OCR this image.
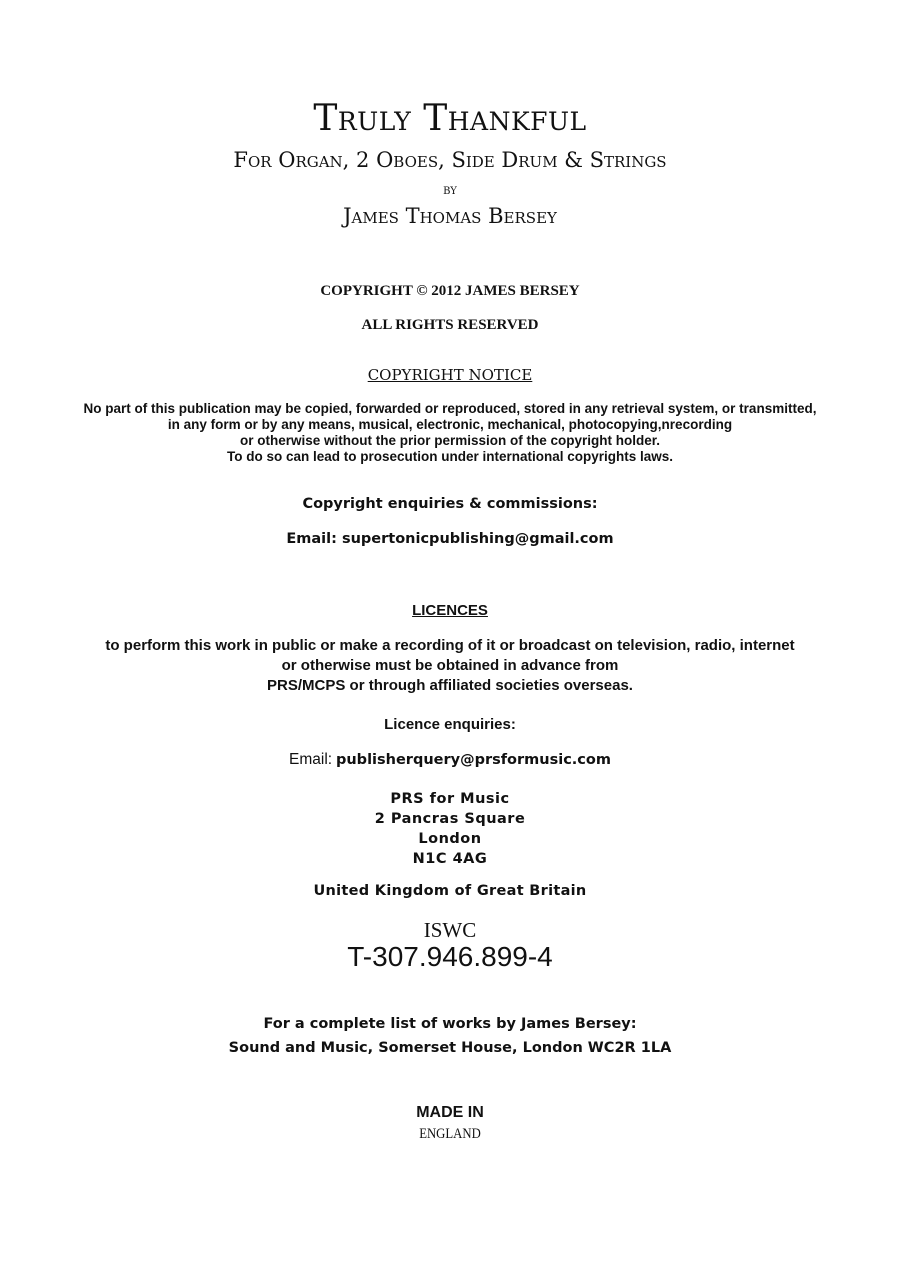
Truly Thankful
For Organ, 2 Oboes, Side Drum & Strings
by
James Thomas Bersey
COPYRIGHT © 2012 JAMES BERSEY
ALL RIGHTS RESERVED
COPYRIGHT NOTICE
No part of this publication may be copied, forwarded or reproduced, stored in any retrieval system, or transmitted,
in any form or by any means, musical, electronic, mechanical, photocopying,nrecording
or otherwise without the prior permission of the copyright holder.
To do so can lead to prosecution under international copyrights laws.
Copyright enquiries & commissions:
Email: supertonicpublishing@gmail.com
LICENCES
to perform this work in public or make a recording of it or broadcast on television, radio, internet
or otherwise must be obtained in advance from
PRS/MCPS or through affiliated societies overseas.
Licence enquiries:
Email: publisherquery@prsformusic.com
PRS for Music
2 Pancras Square
London
N1C 4AG
United Kingdom of Great Britain
ISWC
T-307.946.899-4
For a complete list of works by James Bersey:
Sound and Music, Somerset House, London WC2R 1LA
MADE IN
ENGLAND
